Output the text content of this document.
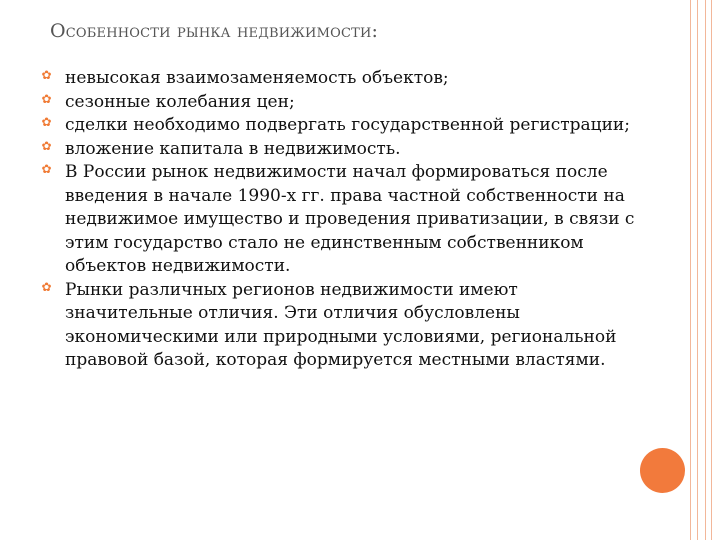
Особенности рынка недвижимости:
✿ невысокая взаимозаменяемость объектов;
✿ сезонные колебания цен;
✿ сделки необходимо подвергать государственной регистрации;
✿ вложение капитала в недвижимость.
✿ В России рынок недвижимости начал формироваться после введения в начале 1990-х гг. права частной собственности на недвижимое имущество и проведения приватизации, в связи с этим государство стало не единственным собственником объектов недвижимости.
✿ Рынки различных регионов недвижимости имеют значительные отличия. Эти отличия обусловлены экономическими или природными условиями, региональной правовой базой, которая формируется местными властями.
